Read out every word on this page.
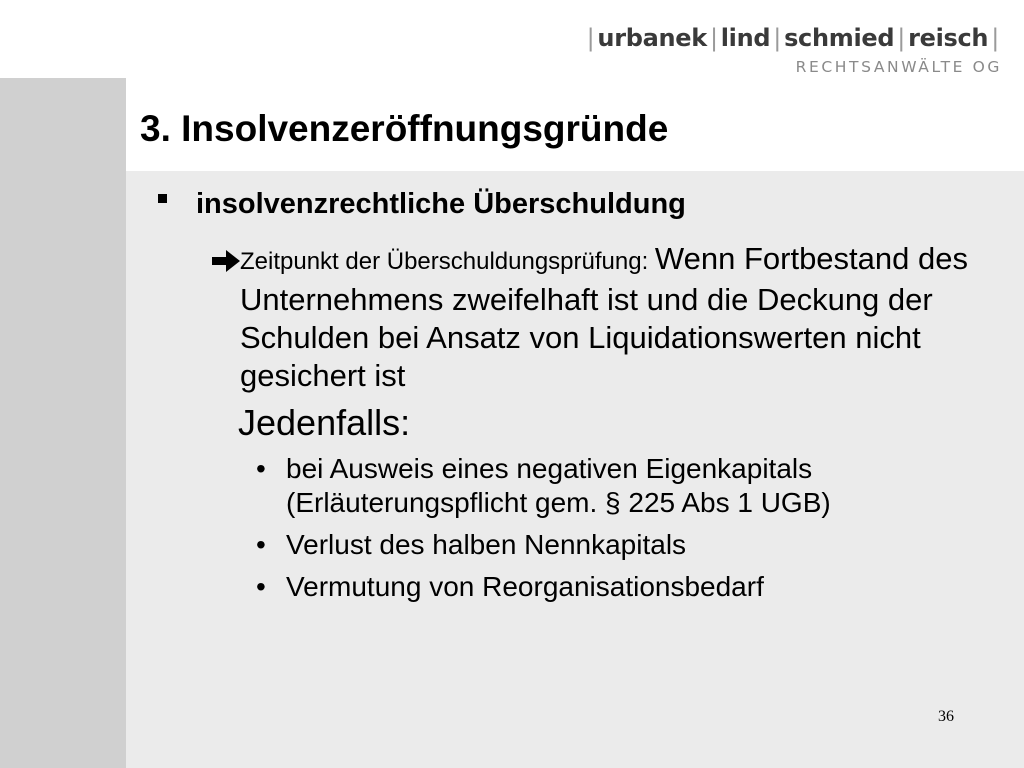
| urbanek | lind | schmied | reisch |
RECHTSANWÄLTE OG
3. Insolvenzeröffnungsgründe
insolvenzrechtliche Überschuldung
Zeitpunkt der Überschuldungsprüfung: Wenn Fortbestand des Unternehmens zweifelhaft ist und die Deckung der Schulden bei Ansatz von Liquidationswerten nicht gesichert ist
Jedenfalls:
• bei Ausweis eines negativen Eigenkapitals (Erläuterungspflicht gem. § 225 Abs 1 UGB)
• Verlust des halben Nennkapitals
• Vermutung von Reorganisationsbedarf
36
